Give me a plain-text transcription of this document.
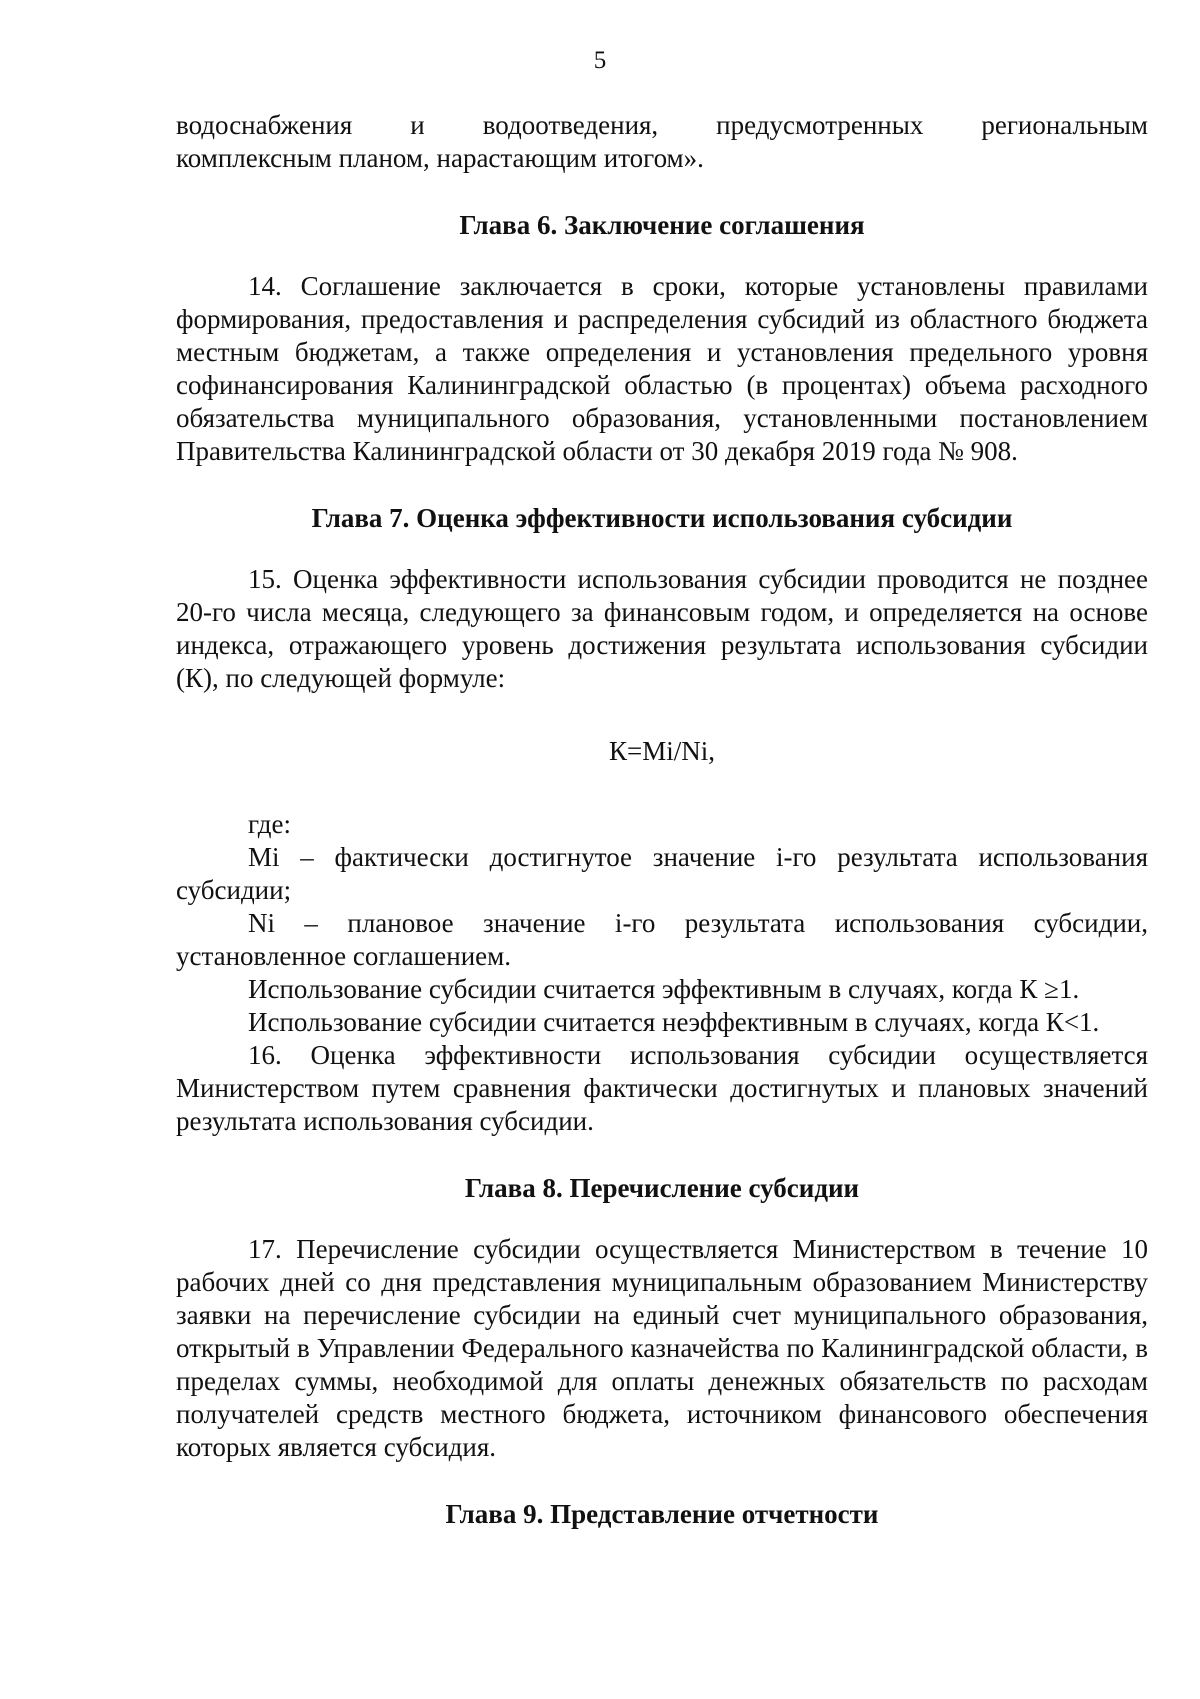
5

водоснабжения и водоотведения, предусмотренных региональным

комплексным планом, нарастающим итогом».

Глава 6. Заключение соглашения

14. Соглашение заключается в сроки, которые установлены правилами формирования, предоставления и распределения субсидий из областного бюджета местным бюджетам, а также определения и установления предельного уровня софинансирования Калининградской областью (в процентах) объема расходного обязательства муниципального образования, установленными постановлением Правительства Калининградской области от 30 декабря 2019 года № 908.

Глава 7. Оценка эффективности использования субсидии

15. Оценка эффективности использования субсидии проводится не позднее 20-го числа месяца, следующего за финансовым годом, и определяется на основе индекса, отражающего уровень достижения результата использования субсидии (К), по следующей формуле:

К=Mi/Ni,

где:

Mi – фактически достигнутое значение i-го результата использования субсидии;

Ni – плановое значение i-го результата использования субсидии, установленное соглашением.

Использование субсидии считается эффективным в случаях, когда К ≥1.

Использование субсидии считается неэффективным в случаях, когда К<1.

16. Оценка эффективности использования субсидии осуществляется Министерством путем сравнения фактически достигнутых и плановых значений результата использования субсидии.

Глава 8. Перечисление субсидии

17. Перечисление субсидии осуществляется Министерством в течение 10 рабочих дней со дня представления муниципальным образованием Министерству заявки на перечисление субсидии на единый счет муниципального образования, открытый в Управлении Федерального казначейства по Калининградской области, в пределах суммы, необходимой для оплаты денежных обязательств по расходам получателей средств местного бюджета, источником финансового обеспечения которых является субсидия.

Глава 9. Представление отчетности
